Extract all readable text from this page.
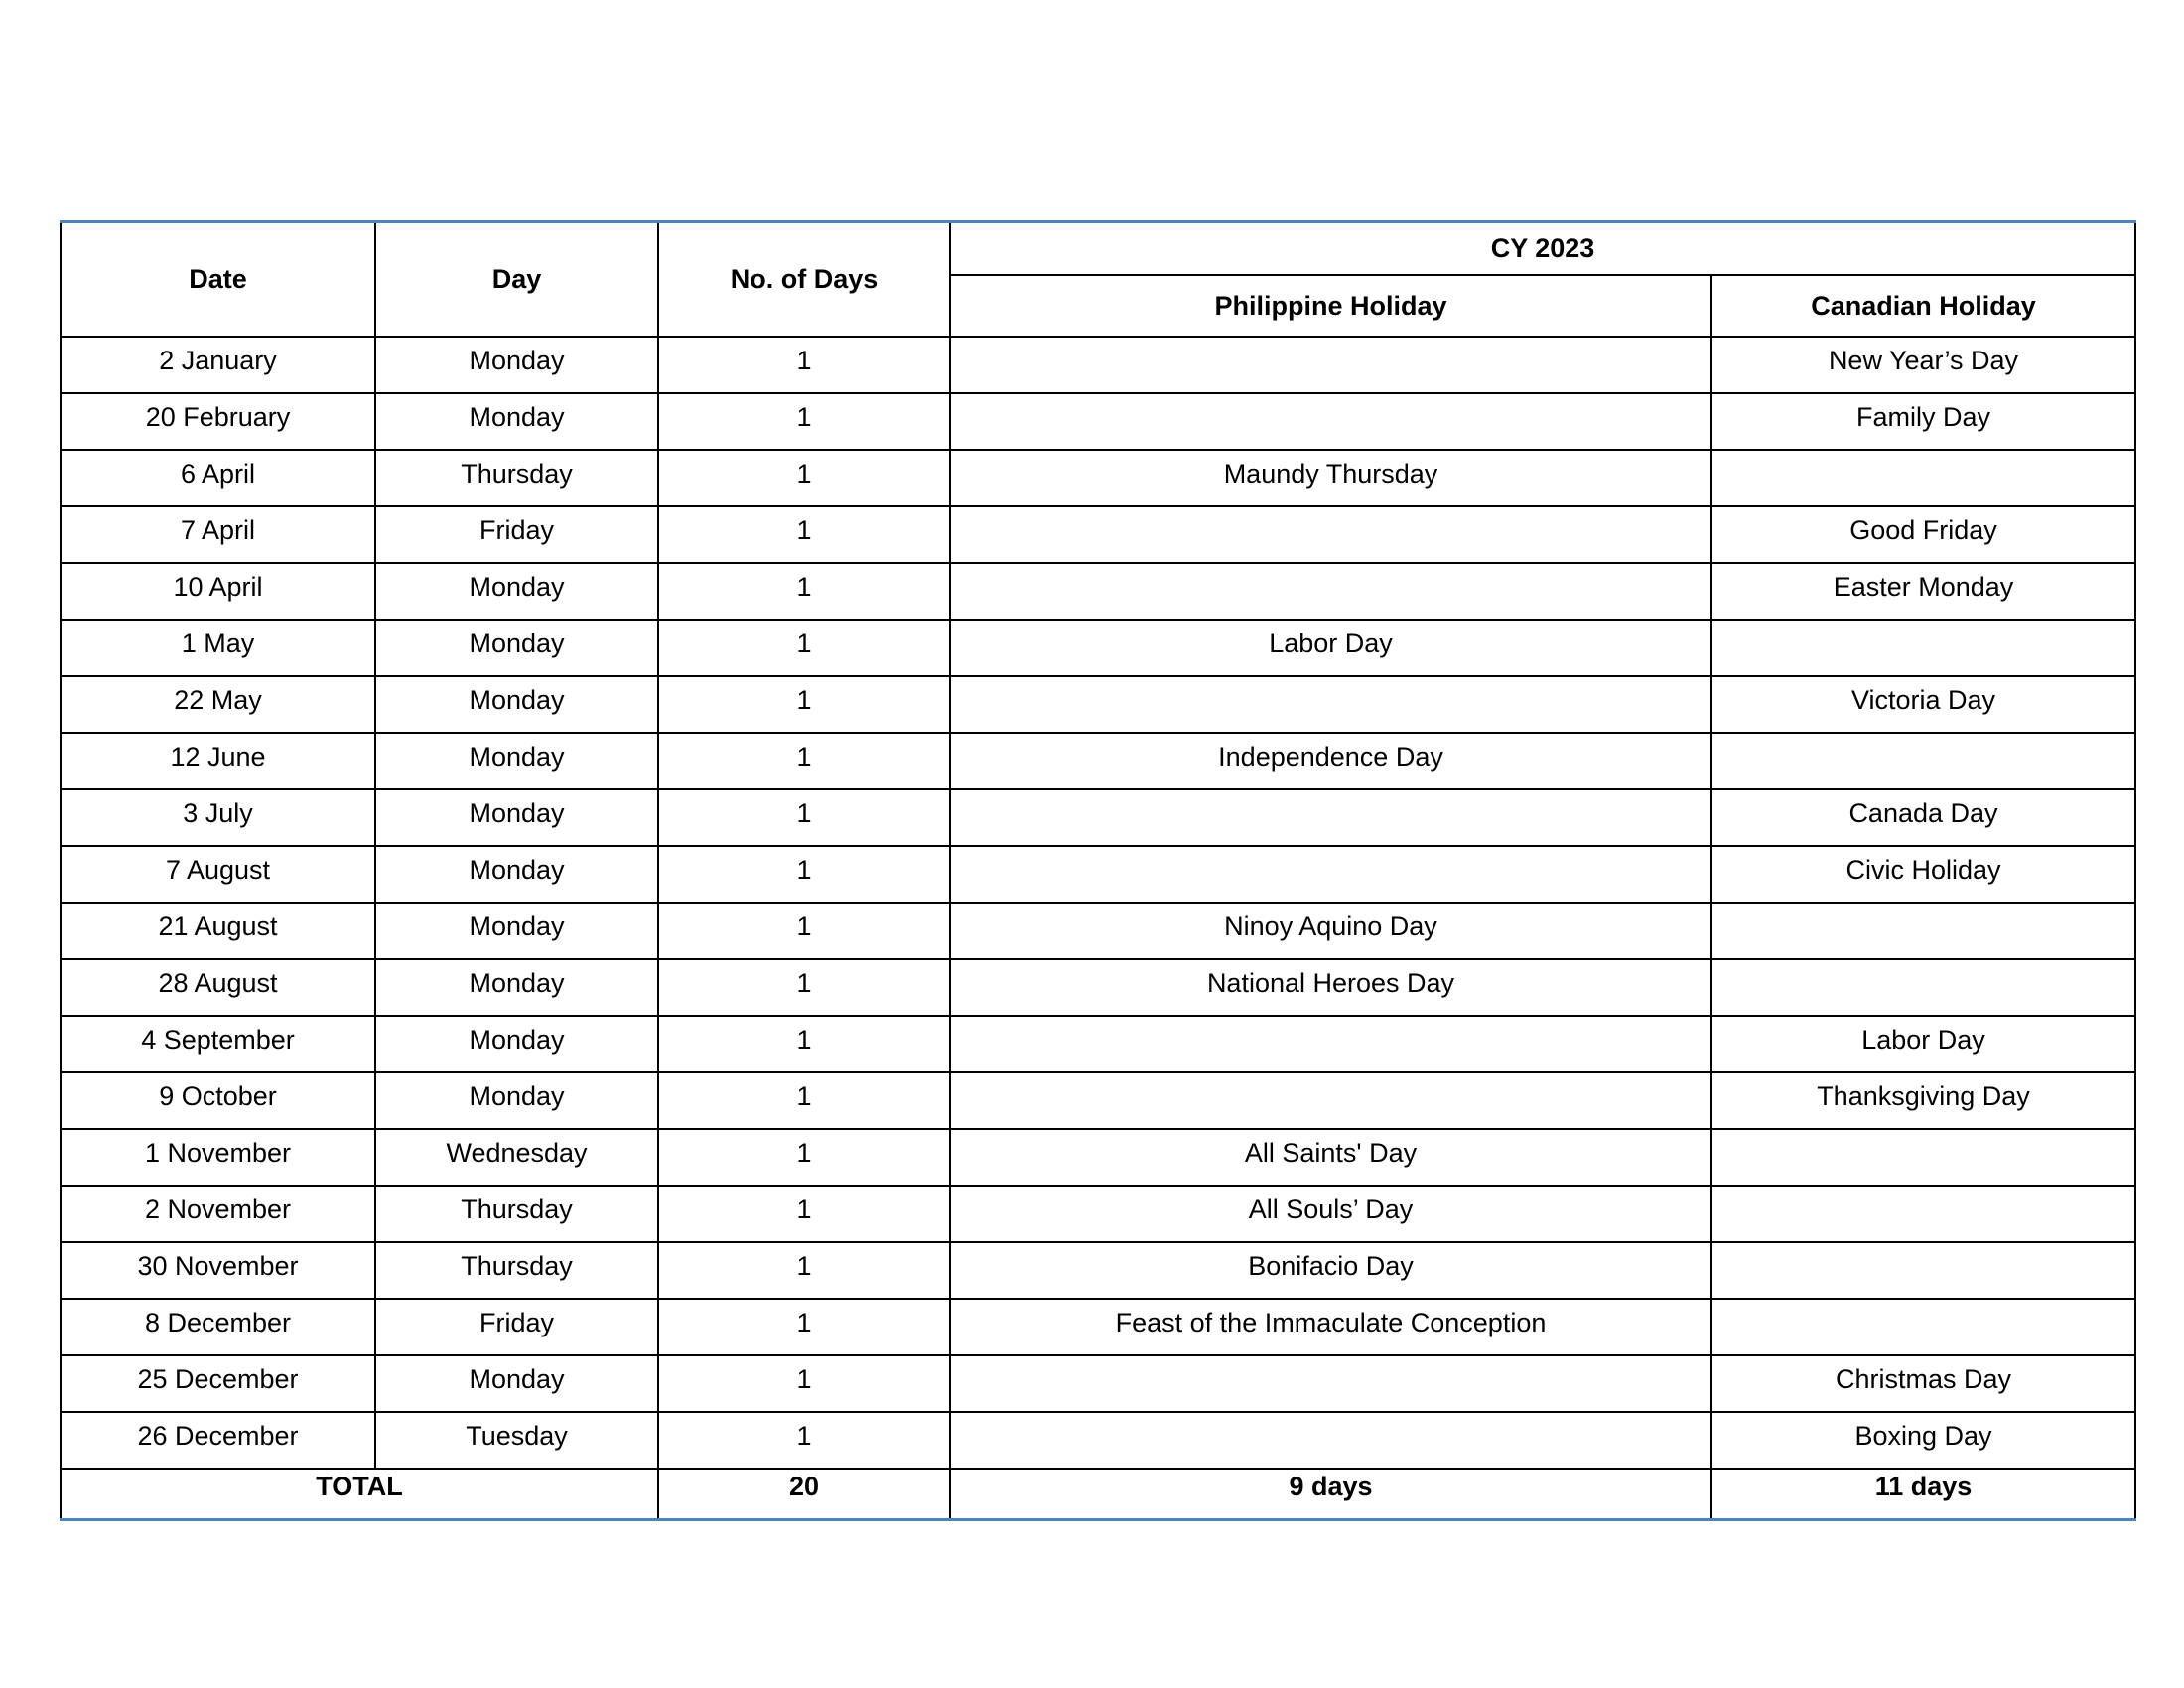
Date	Day	No. of Days	CY 2023	
			Philippine Holiday	Canadian Holiday
2 January	Monday	1		New Year’s Day
20 February	Monday	1		Family Day
6 April	Thursday	1	Maundy Thursday	
7 April	Friday	1		Good Friday
10 April	Monday	1		Easter Monday
1 May	Monday	1	Labor Day	
22 May	Monday	1		Victoria Day
12 June	Monday	1	Independence Day	
3 July	Monday	1		Canada Day
7 August	Monday	1		Civic Holiday
21 August	Monday	1	Ninoy Aquino Day	
28 August	Monday	1	National Heroes Day	
4 September	Monday	1		Labor Day
9 October	Monday	1		Thanksgiving Day
1 November	Wednesday	1	All Saints' Day	
2 November	Thursday	1	All Souls’ Day	
30 November	Thursday	1	Bonifacio Day	
8 December	Friday	1	Feast of the Immaculate Conception	
25 December	Monday	1		Christmas Day
26 December	Tuesday	1		Boxing Day
TOTAL		20	9 days	11 days
